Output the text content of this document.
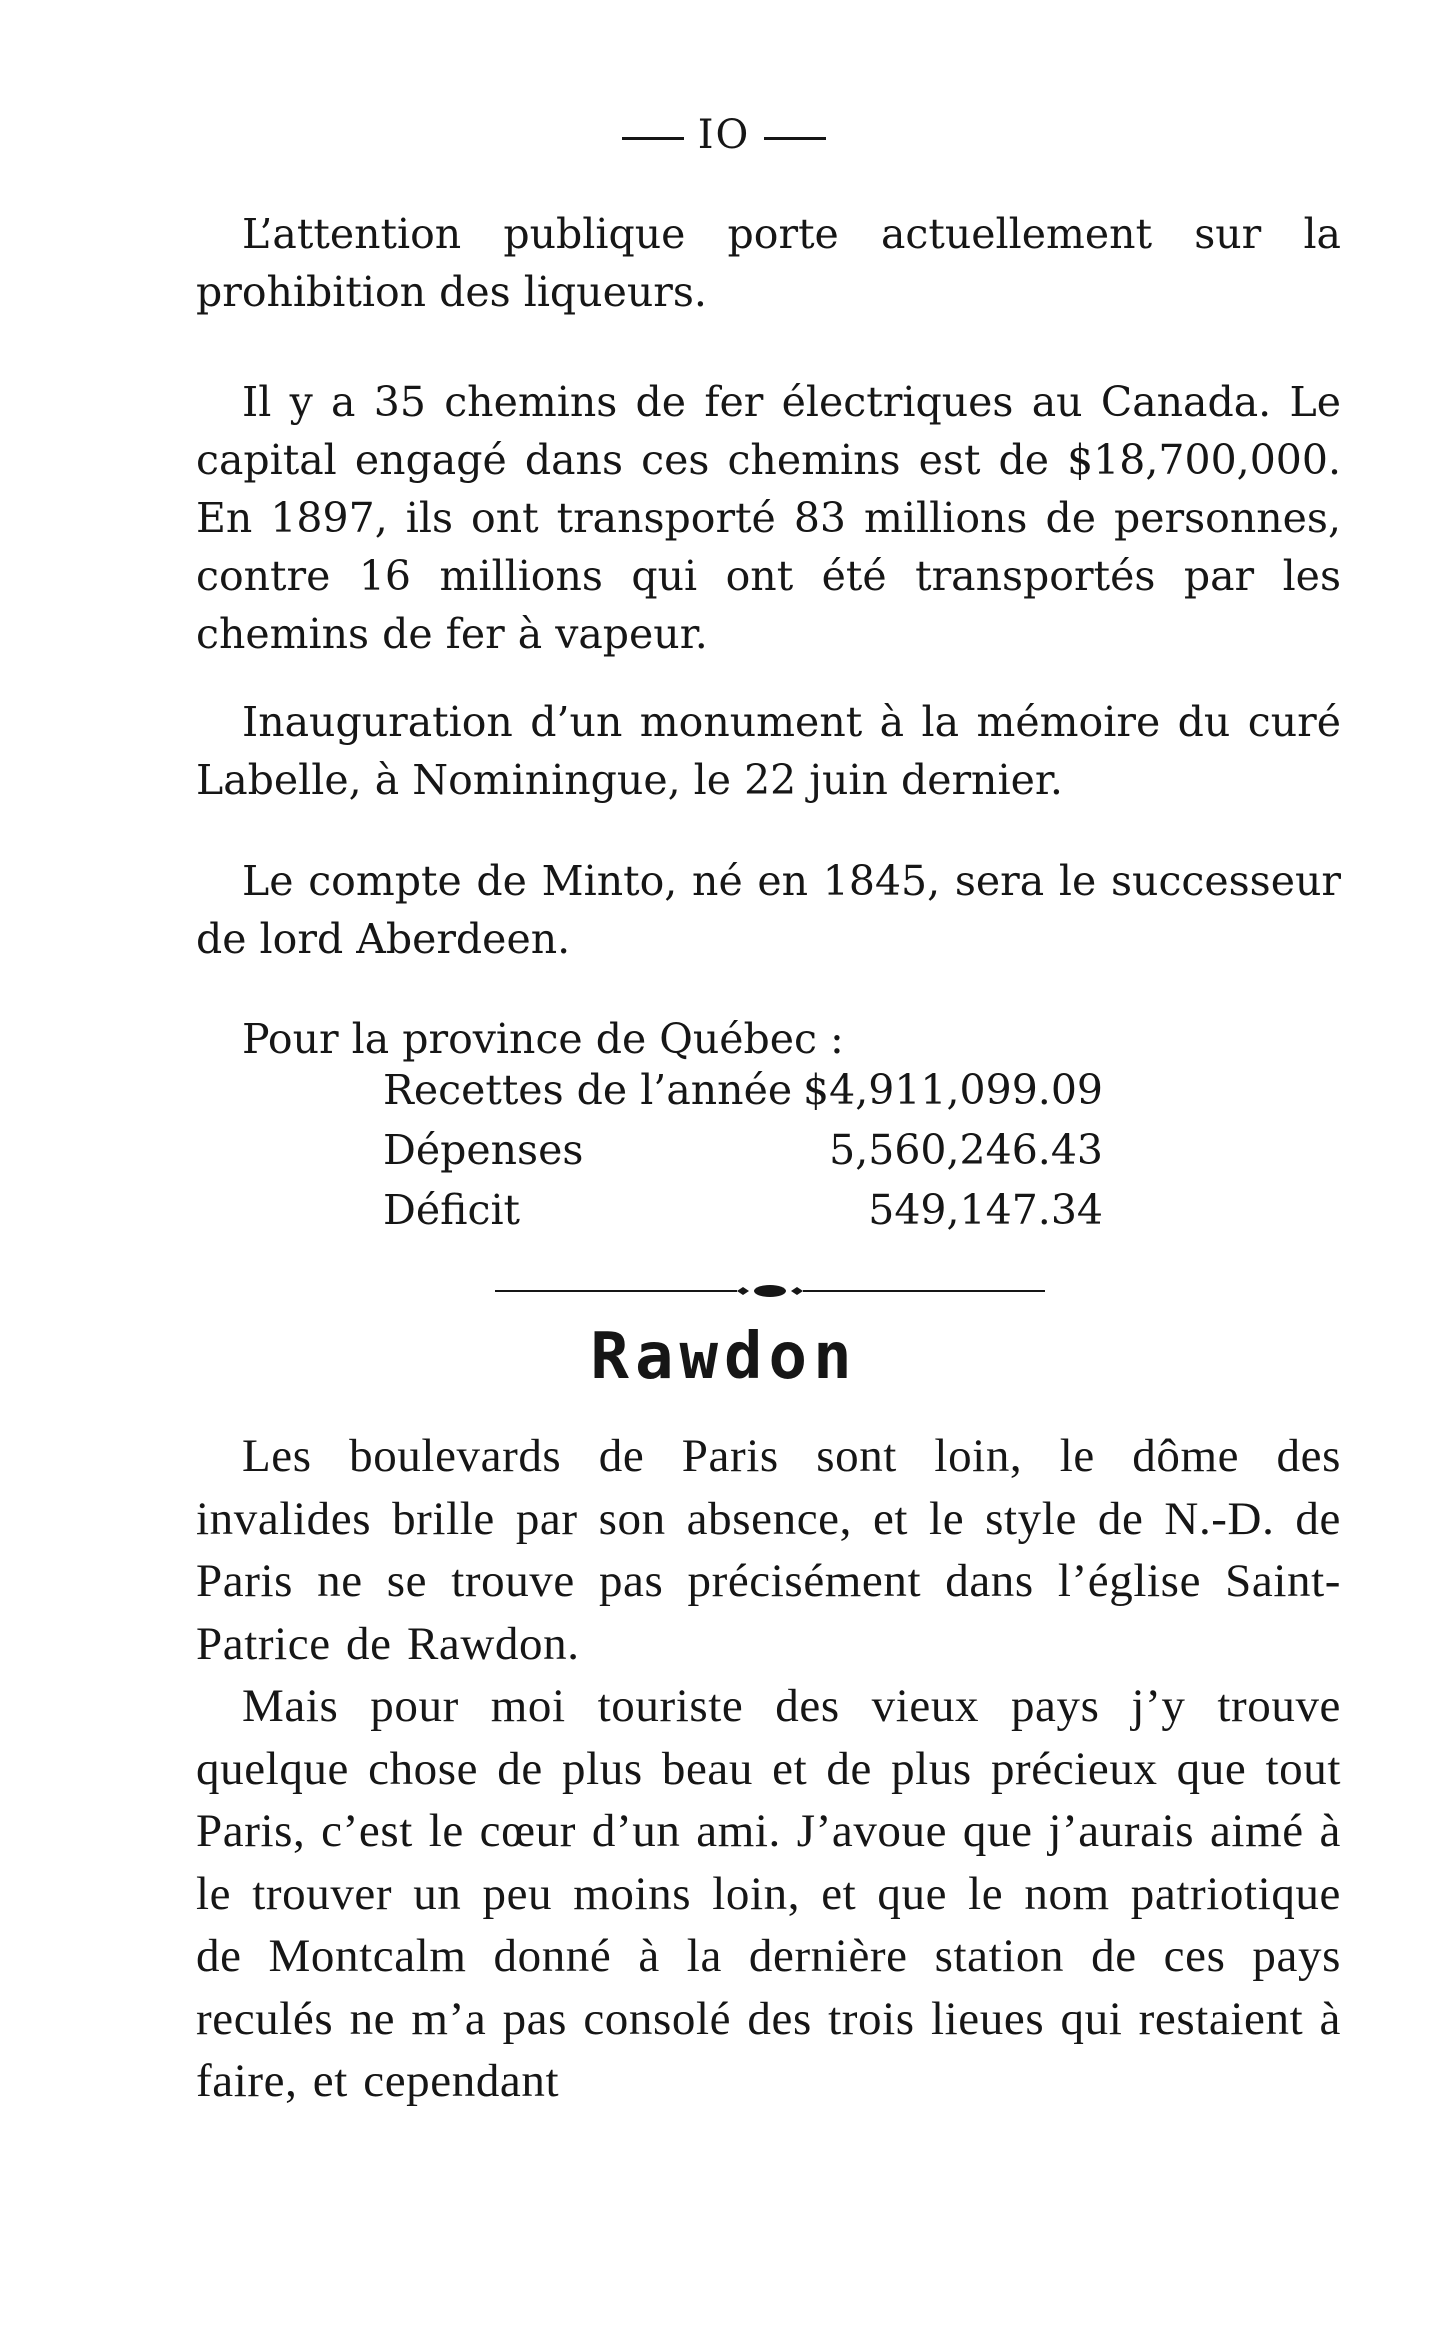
IO

L’attention publique porte actuellement sur la prohibition des liqueurs.

Il y a 35 chemins de fer électriques au Canada. Le capital engagé dans ces chemins est de $18,700,000. En 1897, ils ont transporté 83 millions de personnes, contre 16 millions qui ont été transportés par les chemins de fer à vapeur.

Inauguration d’un monument à la mémoire du curé Labelle, à Nominingue, le 22 juin dernier.

Le compte de Minto, né en 1845, sera le successeur de lord Aberdeen.

Pour la province de Québec :

Recettes de l’année $4,911,099.09
Dépenses	5,560,246.43
Déficit	549,147.34
Rawdon

Les boulevards de Paris sont loin, le dôme des invalides brille par son absence, et le style de N.-D. de Paris ne se trouve pas précisément dans l’église Saint-Patrice de Rawdon.

Mais pour moi touriste des vieux pays j’y trouve quelque chose de plus beau et de plus précieux que tout Paris, c’est le cœur d’un ami. J’avoue que j’aurais aimé à le trouver un peu moins loin, et que le nom patriotique de Montcalm donné à la dernière station de ces pays reculés ne m’a pas consolé des trois lieues qui restaient à faire, et cependant
